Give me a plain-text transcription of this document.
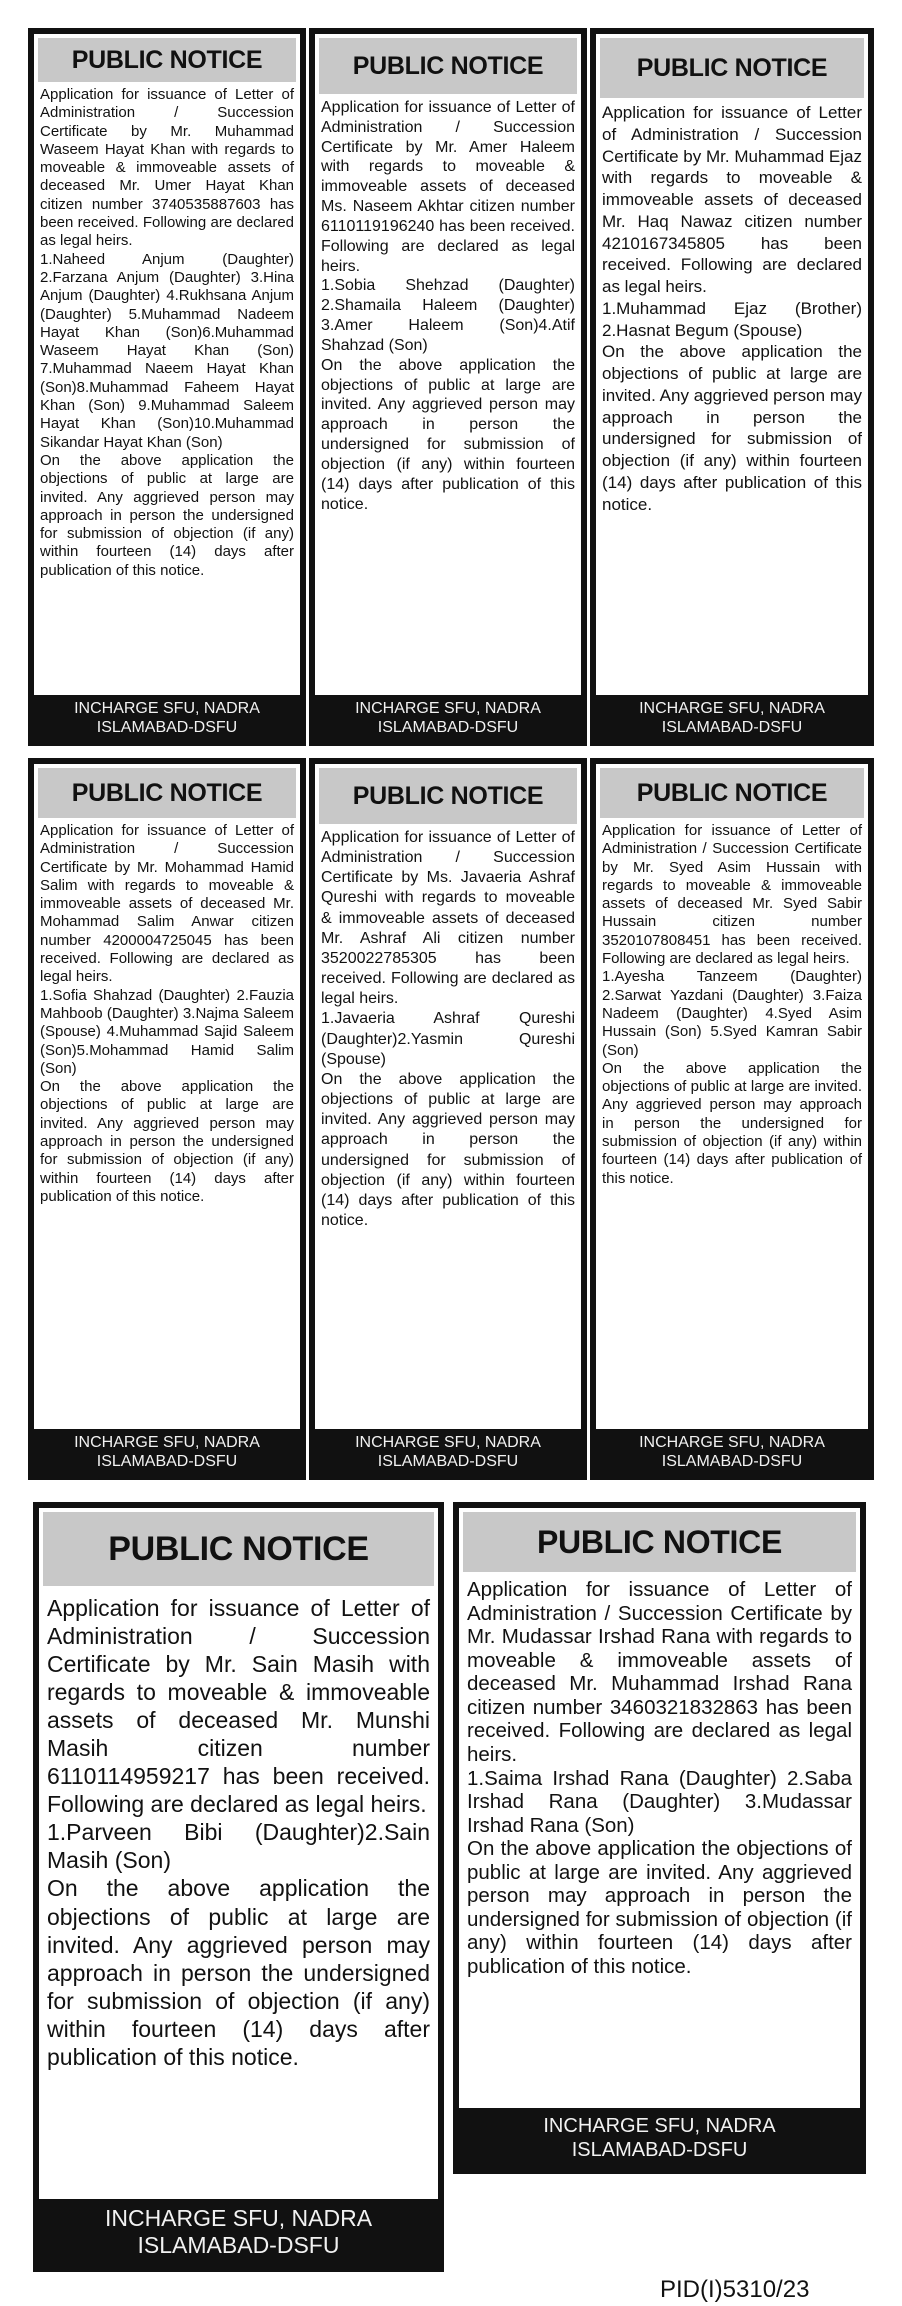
PUBLIC NOTICE

Application for issuance of Letter of Administration / Succession Certificate by Mr. Muhammad Waseem Hayat Khan with regards to moveable & immoveable assets of deceased Mr. Umer Hayat Khan citizen number 3740535887603 has been received. Following are declared as legal heirs.

1.Naheed Anjum (Daughter) 2.Farzana Anjum (Daughter) 3.Hina Anjum (Daughter) 4.Rukhsana Anjum (Daughter) 5.Muhammad Nadeem Hayat Khan (Son)6.Muhammad Waseem Hayat Khan (Son) 7.Muhammad Naeem Hayat Khan (Son)8.Muhammad Faheem Hayat Khan (Son) 9.Muhammad Saleem Hayat Khan (Son)10.Muhammad Sikandar Hayat Khan (Son)

On the above application the objections of public at large are invited. Any aggrieved person may approach in person the undersigned for submission of objection (if any) within fourteen (14) days after publication of this notice.

INCHARGE SFU, NADRA
ISLAMABAD-DSFU
PUBLIC NOTICE

Application for issuance of Letter of Administration / Succession Certificate by Mr. Amer Haleem with regards to moveable & immoveable assets of deceased Ms. Naseem Akhtar citizen number 6110119196240 has been received. Following are declared as legal heirs.

1.Sobia Shehzad (Daughter) 2.Shamaila Haleem (Daughter) 3.Amer Haleem (Son)4.Atif Shahzad (Son)

On the above application the objections of public at large are invited. Any aggrieved person may approach in person the undersigned for submission of objection (if any) within fourteen (14) days after publication of this notice.

INCHARGE SFU, NADRA
ISLAMABAD-DSFU
PUBLIC NOTICE

Application for issuance of Letter of Administration / Succession Certificate by Mr. Muhammad Ejaz with regards to moveable & immoveable assets of deceased Mr. Haq Nawaz citizen number 4210167345805 has been received. Following are declared as legal heirs.

1.Muhammad Ejaz (Brother) 2.Hasnat Begum (Spouse)

On the above application the objections of public at large are invited. Any aggrieved person may approach in person the undersigned for submission of objection (if any) within fourteen (14) days after publication of this notice.

INCHARGE SFU, NADRA
ISLAMABAD-DSFU
PUBLIC NOTICE

Application for issuance of Letter of Administration / Succession Certificate by Mr. Mohammad Hamid Salim with regards to moveable & immoveable assets of deceased Mr. Mohammad Salim Anwar citizen number 4200004725045 has been received. Following are declared as legal heirs.

1.Sofia Shahzad (Daughter) 2.Fauzia Mahboob (Daughter) 3.Najma Saleem (Spouse) 4.Muhammad Sajid Saleem (Son)5.Mohammad Hamid Salim (Son)

On the above application the objections of public at large are invited. Any aggrieved person may approach in person the undersigned for submission of objection (if any) within fourteen (14) days after publication of this notice.

INCHARGE SFU, NADRA
ISLAMABAD-DSFU
PUBLIC NOTICE

Application for issuance of Letter of Administration / Succession Certificate by Ms. Javaeria Ashraf Qureshi with regards to moveable & immoveable assets of deceased Mr. Ashraf Ali citizen number 3520022785305 has been received. Following are declared as legal heirs.

1.Javaeria Ashraf Qureshi (Daughter)2.Yasmin Qureshi (Spouse)

On the above application the objections of public at large are invited. Any aggrieved person may approach in person the undersigned for submission of objection (if any) within fourteen (14) days after publication of this notice.

INCHARGE SFU, NADRA
ISLAMABAD-DSFU
PUBLIC NOTICE

Application for issuance of Letter of Administration / Succession Certificate by Mr. Syed Asim Hussain with regards to moveable & immoveable assets of deceased Mr. Syed Sabir Hussain citizen number 3520107808451 has been received. Following are declared as legal heirs.

1.Ayesha Tanzeem (Daughter) 2.Sarwat Yazdani (Daughter) 3.Faiza Nadeem (Daughter) 4.Syed Asim Hussain (Son) 5.Syed Kamran Sabir (Son)

On the above application the objections of public at large are invited. Any aggrieved person may approach in person the undersigned for submission of objection (if any) within fourteen (14) days after publication of this notice.

INCHARGE SFU, NADRA
ISLAMABAD-DSFU
PUBLIC NOTICE

Application for issuance of Letter of Administration / Succession Certificate by Mr. Sain Masih with regards to moveable & immoveable assets of deceased Mr. Munshi Masih citizen number 6110114959217 has been received. Following are declared as legal heirs.

1.Parveen Bibi (Daughter)2.Sain Masih (Son)

On the above application the objections of public at large are invited. Any aggrieved person may approach in person the undersigned for submission of objection (if any) within fourteen (14) days after publication of this notice.

INCHARGE SFU, NADRA
ISLAMABAD-DSFU
PUBLIC NOTICE

Application for issuance of Letter of Administration / Succession Certificate by Mr. Mudassar Irshad Rana with regards to moveable & immoveable assets of deceased Mr. Muhammad Irshad Rana citizen number 3460321832863 has been received. Following are declared as legal heirs.

1.Saima Irshad Rana (Daughter) 2.Saba Irshad Rana (Daughter) 3.Mudassar Irshad Rana (Son)

On the above application the objections of public at large are invited. Any aggrieved person may approach in person the undersigned for submission of objection (if any) within fourteen (14) days after publication of this notice.

INCHARGE SFU, NADRA
ISLAMABAD-DSFU
PID(I)5310/23
